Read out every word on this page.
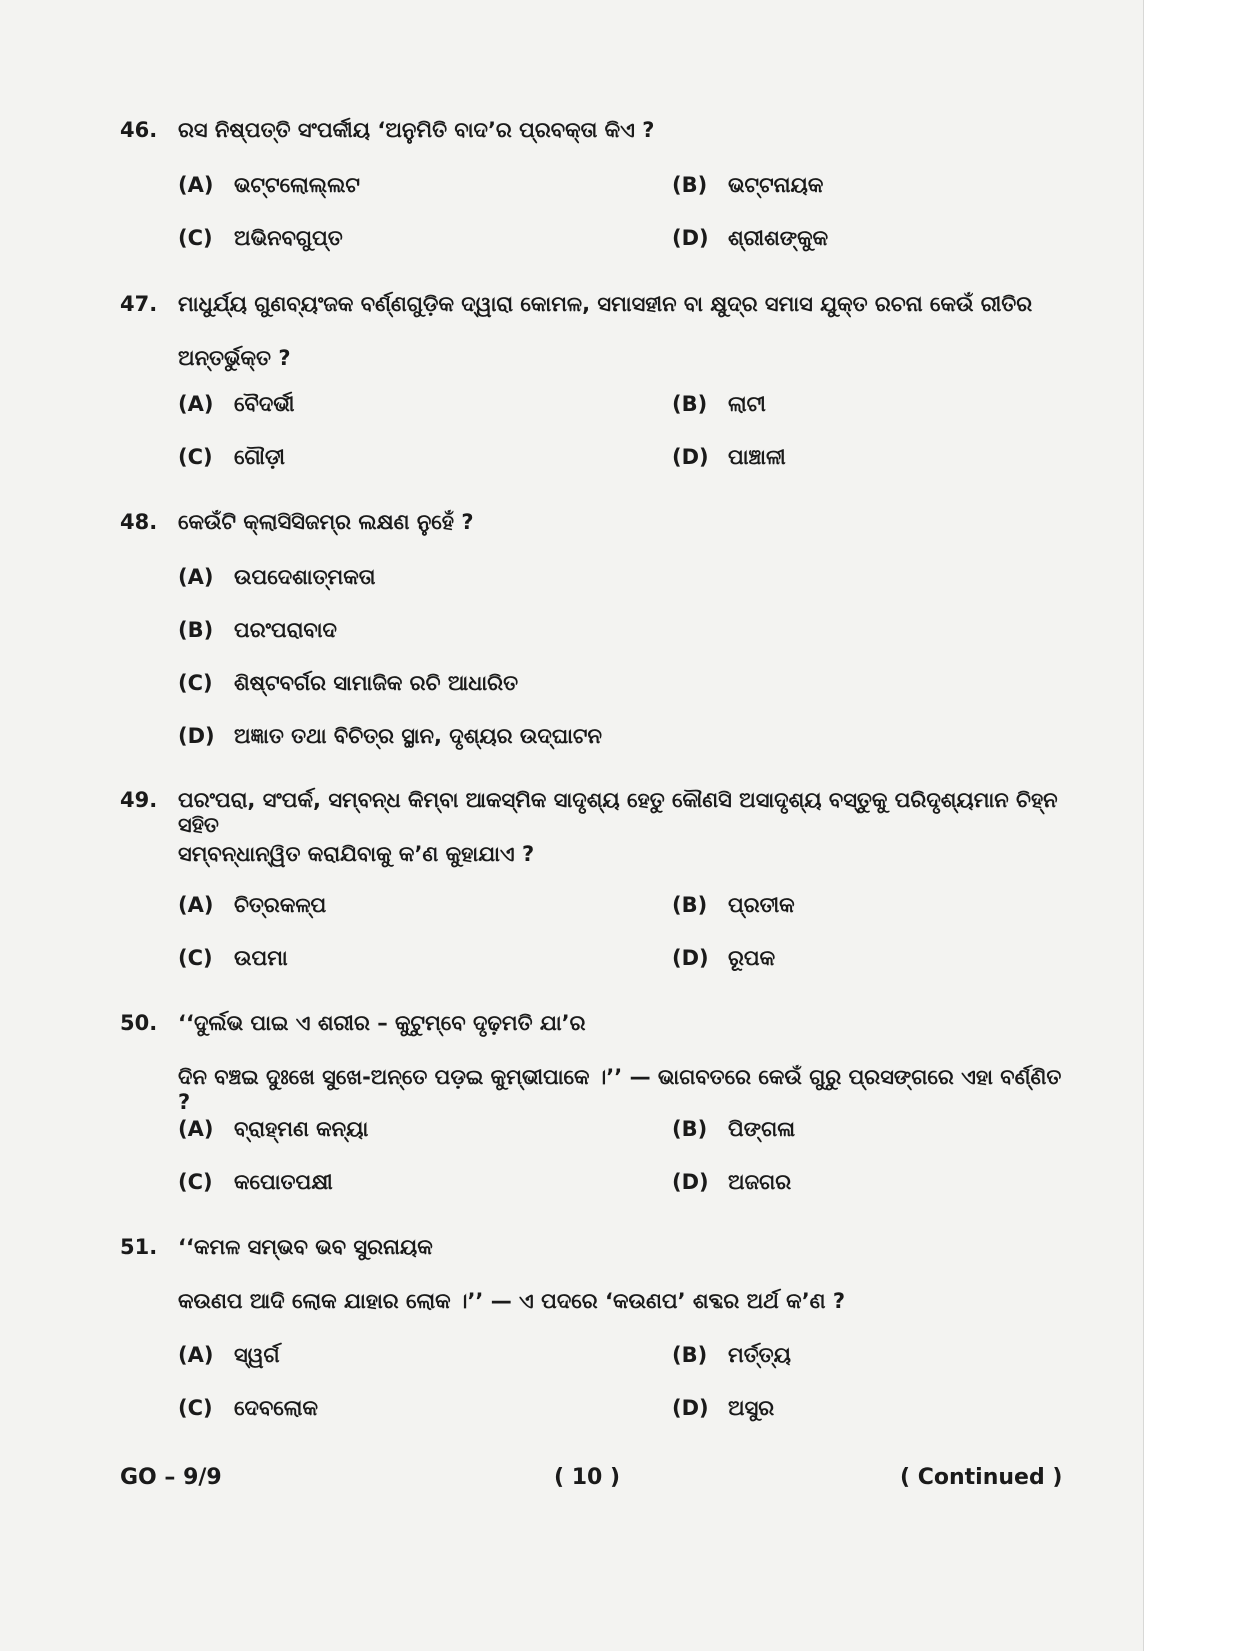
46. ରସ ନିଷ୍ପତ୍ତି ସଂପର୍କୀୟ ‘ଅନୁମିତି ବାଦ’ର ପ୍ରବକ୍ତା କିଏ ?
(A) ଭଟ୍ଟଲୋଲ୍ଲଟ	(B) ଭଟ୍ଟନାୟକ
(C) ଅଭିନବଗୁପ୍ତ	(D) ଶ୍ରୀଶଙ୍କୁକ
47. ମାଧୁର୍ଯ୍ୟ ଗୁଣବ୍ୟଂଜକ ବର୍ଣ୍ଣଗୁଡ଼ିକ ଦ୍ୱାରା କୋମଳ, ସମାସହୀନ ବା କ୍ଷୁଦ୍ର ସମାସ ଯୁକ୍ତ ରଚନା କେଉଁ ରୀତିର
ଅନ୍ତର୍ଭୁକ୍ତ ?
(A) ବୈଦର୍ଭୀ	(B) ଲାଟୀ
(C) ଗୌଡ଼ୀ	(D) ପାଞ୍ଚାଳୀ
48. କେଉଁଟି କ୍ଲାସିସିଜମ୍‌ର ଲକ୍ଷଣ ନୁହେଁ ?
(A) ଉପଦେଶାତ୍ମକତା
(B) ପରଂପରାବାଦ
(C) ଶିଷ୍ଟବର୍ଗର ସାମାଜିକ ରଚି ଆଧାରିତ
(D) ଅଜ୍ଞାତ ତଥା ବିଚିତ୍ର ସ୍ଥାନ, ଦୃଶ୍ୟର ଉଦ୍‌ଘାଟନ
49. ପରଂପରା, ସଂପର୍କ, ସମ୍ବନ୍ଧ କିମ୍ବା ଆକସ୍ମିକ ସାଦୃଶ୍ୟ ହେତୁ କୌଣସି ଅସାଦୃଶ୍ୟ ବସ୍ତୁକୁ ପରିଦୃଶ୍ୟମାନ ଚିହ୍ନ ସହିତ
ସମ୍ବନ୍ଧାନ୍ୱିତ କରାଯିବାକୁ କ’ଣ କୁହାଯାଏ ?
(A) ଚିତ୍ରକଳ୍ପ	(B) ପ୍ରତୀକ
(C) ଉପମା	(D) ରୂପକ
50. ‘‘ଦୁର୍ଲଭ ପାଇ ଏ ଶରୀର – କୁଟୁମ୍ବେ ଦୃଢ଼ମତି ଯା’ର
ଦିନ ବଞ୍ଚଇ ଦୁଃଖେ ସୁଖେ-ଅନ୍ତେ ପଡ଼ଇ କୁମ୍ଭୀପାକେ ।’’ — ଭାଗବତରେ କେଉଁ ଗୁରୁ ପ୍ରସଙ୍ଗରେ ଏହା ବର୍ଣ୍ଣିତ ?
(A) ବ୍ରାହ୍ମଣ କନ୍ୟା	(B) ପିଙ୍ଗଳା
(C) କପୋତପକ୍ଷୀ	(D) ଅଜଗର
51. ‘‘କମଳ ସମ୍ଭବ ଭବ ସୁରନାୟକ
କଉଣପ ଆଦି ଲୋକ ଯାହାର ଲୋକ ।’’ — ଏ ପଦରେ ‘କଉଣପ’ ଶବ୍ଦର ଅର୍ଥ କ’ଣ ?
(A) ସ୍ୱର୍ଗ	(B) ମର୍ତ୍ତ୍ୟ
(C) ଦେବଲୋକ	(D) ଅସୁର
GO – 9/9	( 10 )	( Continued )
